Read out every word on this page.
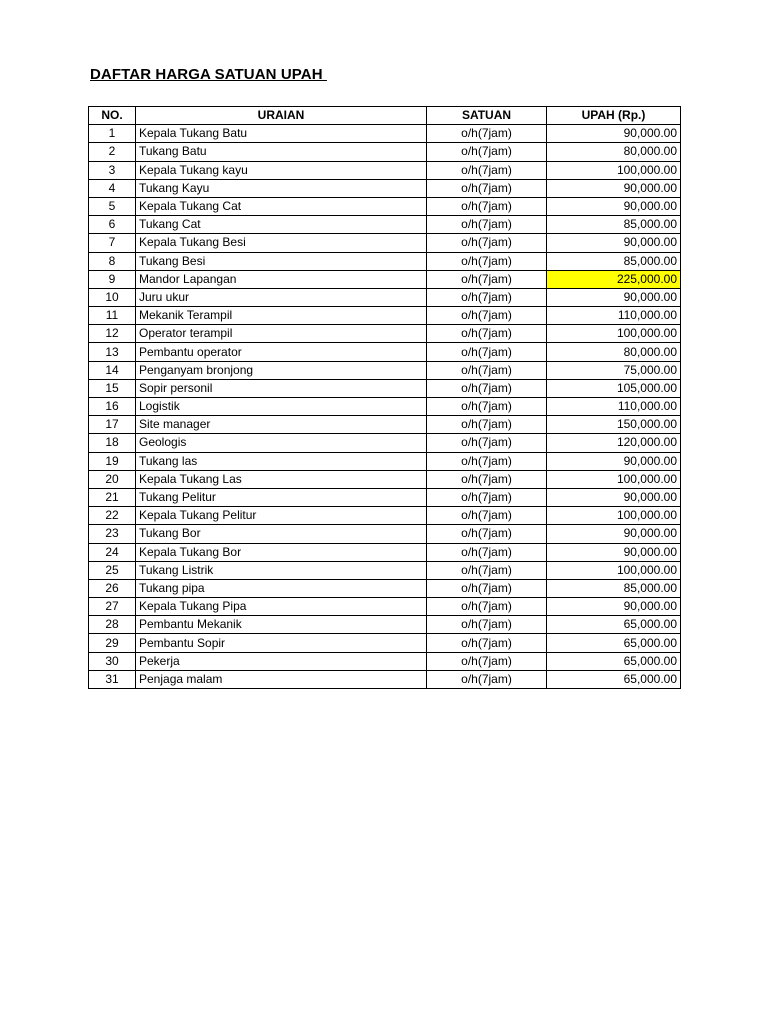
DAFTAR HARGA SATUAN UPAH
NO.	URAIAN	SATUAN	UPAH (Rp.)
1	Kepala Tukang Batu	o/h(7jam)	90,000.00
2	Tukang Batu	o/h(7jam)	80,000.00
3	Kepala Tukang kayu	o/h(7jam)	100,000.00
4	Tukang Kayu	o/h(7jam)	90,000.00
5	Kepala Tukang Cat	o/h(7jam)	90,000.00
6	Tukang Cat	o/h(7jam)	85,000.00
7	Kepala Tukang Besi	o/h(7jam)	90,000.00
8	Tukang Besi	o/h(7jam)	85,000.00
9	Mandor Lapangan	o/h(7jam)	225,000.00
10	Juru ukur	o/h(7jam)	90,000.00
11	Mekanik Terampil	o/h(7jam)	110,000.00
12	Operator terampil	o/h(7jam)	100,000.00
13	Pembantu operator	o/h(7jam)	80,000.00
14	Penganyam bronjong	o/h(7jam)	75,000.00
15	Sopir personil	o/h(7jam)	105,000.00
16	Logistik	o/h(7jam)	110,000.00
17	Site manager	o/h(7jam)	150,000.00
18	Geologis	o/h(7jam)	120,000.00
19	Tukang las	o/h(7jam)	90,000.00
20	Kepala Tukang Las	o/h(7jam)	100,000.00
21	Tukang Pelitur	o/h(7jam)	90,000.00
22	Kepala Tukang Pelitur	o/h(7jam)	100,000.00
23	Tukang Bor	o/h(7jam)	90,000.00
24	Kepala Tukang Bor	o/h(7jam)	90,000.00
25	Tukang Listrik	o/h(7jam)	100,000.00
26	Tukang pipa	o/h(7jam)	85,000.00
27	Kepala Tukang Pipa	o/h(7jam)	90,000.00
28	Pembantu Mekanik	o/h(7jam)	65,000.00
29	Pembantu Sopir	o/h(7jam)	65,000.00
30	Pekerja	o/h(7jam)	65,000.00
31	Penjaga malam	o/h(7jam)	65,000.00
